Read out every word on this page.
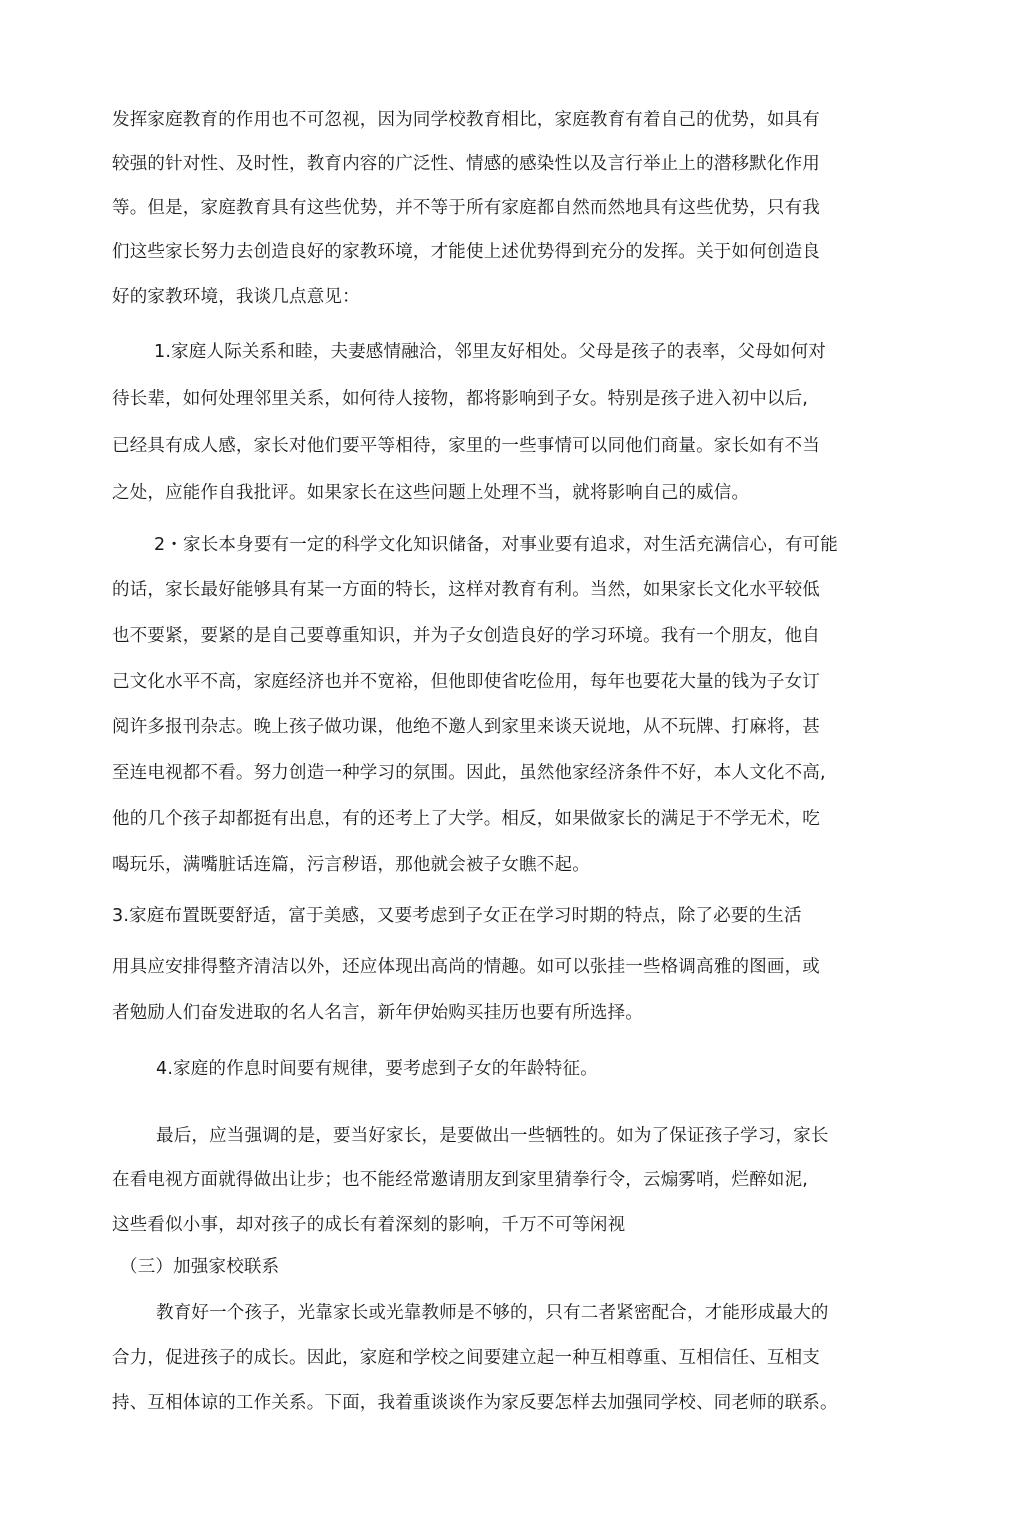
发挥家庭教育的作用也不可忽视，因为同学校教育相比，家庭教育有着自己的优势，如具有
较强的针对性、及时性，教育内容的广泛性、情感的感染性以及言行举止上的潜移默化作用
等。但是，家庭教育具有这些优势，并不等于所有家庭都自然而然地具有这些优势，只有我
们这些家长努力去创造良好的家教环境，才能使上述优势得到充分的发挥。关于如何创造良
好的家教环境，我谈几点意见：
1.家庭人际关系和睦，夫妻感情融洽，邻里友好相处。父母是孩子的表率，父母如何对
待长辈，如何处理邻里关系，如何待人接物，都将影响到子女。特别是孩子进入初中以后,
已经具有成人感，家长对他们要平等相待，家里的一些事情可以同他们商量。家长如有不当
之处，应能作自我批评。如果家长在这些问题上处理不当，就将影响自己的威信。
2・家长本身要有一定的科学文化知识储备，对事业要有追求，对生活充满信心，有可能
的话，家长最好能够具有某一方面的特长，这样对教育有利。当然，如果家长文化水平较低
也不要紧，要紧的是自己要尊重知识，并为子女创造良好的学习环境。我有一个朋友，他自
己文化水平不高，家庭经济也并不宽裕，但他即使省吃俭用，每年也要花大量的钱为子女订
阅许多报刊杂志。晚上孩子做功课，他绝不邀人到家里来谈天说地，从不玩牌、打麻将，甚
至连电视都不看。努力创造一种学习的氛围。因此，虽然他家经济条件不好，本人文化不高,
他的几个孩子却都挺有出息，有的还考上了大学。相反，如果做家长的满足于不学无术，吃
喝玩乐，满嘴脏话连篇，污言秽语，那他就会被子女瞧不起。
3.家庭布置既要舒适，富于美感，又要考虑到子女正在学习时期的特点，除了必要的生活
用具应安排得整齐清洁以外，还应体现出高尚的情趣。如可以张挂一些格调高雅的图画，或
者勉励人们奋发进取的名人名言，新年伊始购买挂历也要有所选择。
4.家庭的作息时间要有规律，要考虑到子女的年龄特征。
最后，应当强调的是，要当好家长，是要做出一些牺牲的。如为了保证孩子学习，家长
在看电视方面就得做出让步；也不能经常邀请朋友到家里猜拳行令，云煽雾哨，烂醉如泥,
这些看似小事，却对孩子的成长有着深刻的影响，千万不可等闲视
（三）加强家校联系
教育好一个孩子，光靠家长或光靠教师是不够的，只有二者紧密配合，才能形成最大的
合力，促进孩子的成长。因此，家庭和学校之间要建立起一种互相尊重、互相信任、互相支
持、互相体谅的工作关系。下面，我着重谈谈作为家反要怎样去加强同学校、同老师的联系。
